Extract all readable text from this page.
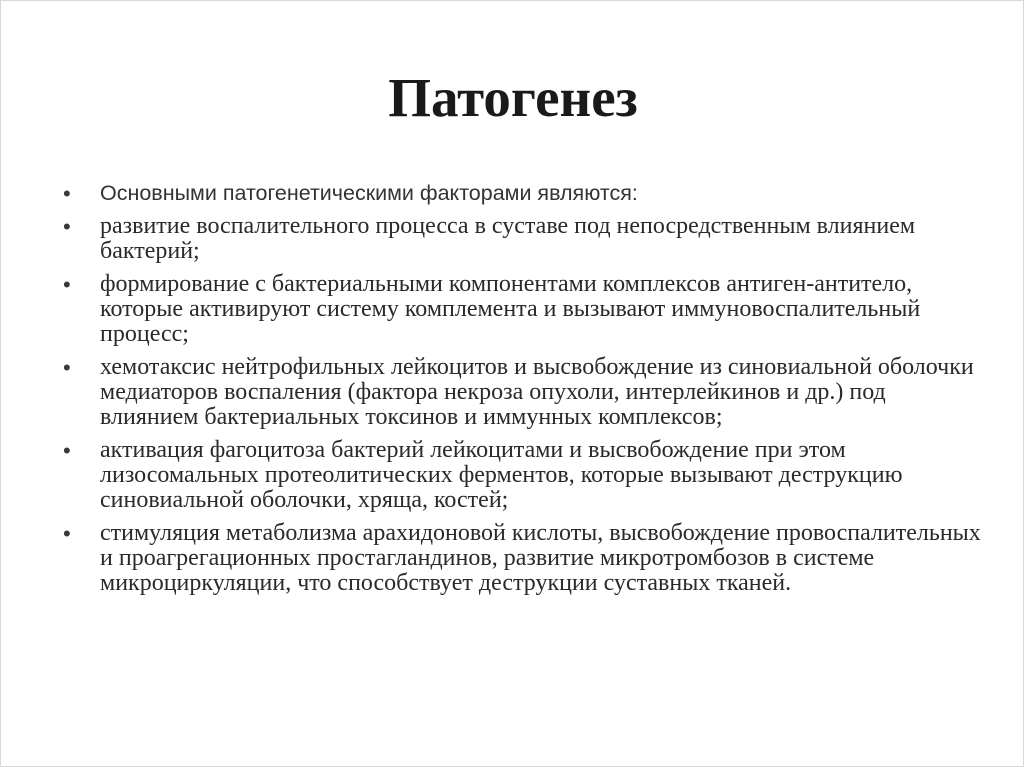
Патогенез
•	Основными патогенетическими факторами являются:
•	развитие воспалительного процесса в суставе под непосредственным влиянием бактерий;
•	формирование с бактериальными компонентами комплексов антиген-антитело, которые активируют систему комплемента и вызывают иммуновоспалительный процесс;
•	хемотаксис нейтрофильных лейкоцитов и высвобождение из синовиальной оболочки медиаторов воспаления (фактора некроза опухоли, интерлейкинов и др.) под влиянием бактериальных токсинов и иммунных комплексов;
•	активация фагоцитоза бактерий лейкоцитами и высвобождение при этом лизосомальных протеолитических ферментов, которые вызывают деструкцию синовиальной оболочки, хряща, костей;
•	стимуляция метаболизма арахидоновой кислоты, высвобождение провоспалительных и проагрегационных простагландинов, развитие микротромбозов в системе микроциркуляции, что способствует деструкции суставных тканей.
